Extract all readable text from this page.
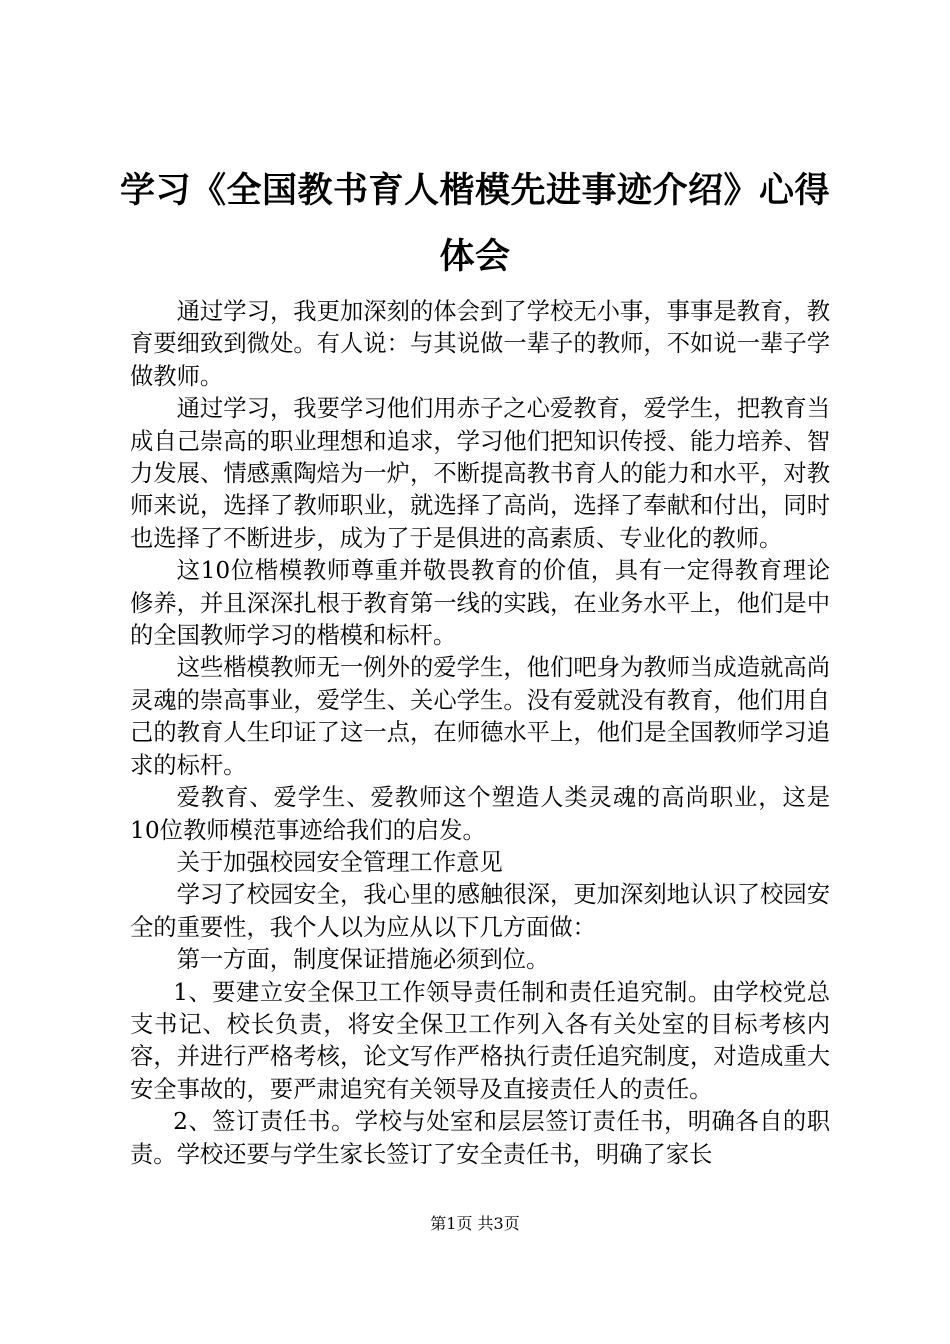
学习《全国教书育人楷模先进事迹介绍》心得体会

通过学习，我更加深刻的体会到了学校无小事，事事是教育，教育要细致到微处。有人说：与其说做一辈子的教师，不如说一辈子学做教师。

通过学习，我要学习他们用赤子之心爱教育，爱学生，把教育当成自己崇高的职业理想和追求，学习他们把知识传授、能力培养、智力发展、情感熏陶焙为一炉，不断提高教书育人的能力和水平，对教师来说，选择了教师职业，就选择了高尚，选择了奉献和付出，同时也选择了不断进步，成为了于是俱进的高素质、专业化的教师。

这10位楷模教师尊重并敬畏教育的价值，具有一定得教育理论修养，并且深深扎根于教育第一线的实践，在业务水平上，他们是中的全国教师学习的楷模和标杆。

这些楷模教师无一例外的爱学生，他们吧身为教师当成造就高尚灵魂的崇高事业，爱学生、关心学生。没有爱就没有教育，他们用自己的教育人生印证了这一点，在师德水平上，他们是全国教师学习追求的标杆。

爱教育、爱学生、爱教师这个塑造人类灵魂的高尚职业，这是10位教师模范事迹给我们的启发。

关于加强校园安全管理工作意见

学习了校园安全，我心里的感触很深，更加深刻地认识了校园安全的重要性，我个人以为应从以下几方面做：

第一方面，制度保证措施必须到位。

1、要建立安全保卫工作领导责任制和责任追究制。由学校党总支书记、校长负责，将安全保卫工作列入各有关处室的目标考核内容，并进行严格考核，论文写作严格执行责任追究制度，对造成重大安全事故的，要严肃追究有关领导及直接责任人的责任。

2、签订责任书。学校与处室和层层签订责任书，明确各自的职责。学校还要与学生家长签订了安全责任书，明确了家长

第1页 共3页
